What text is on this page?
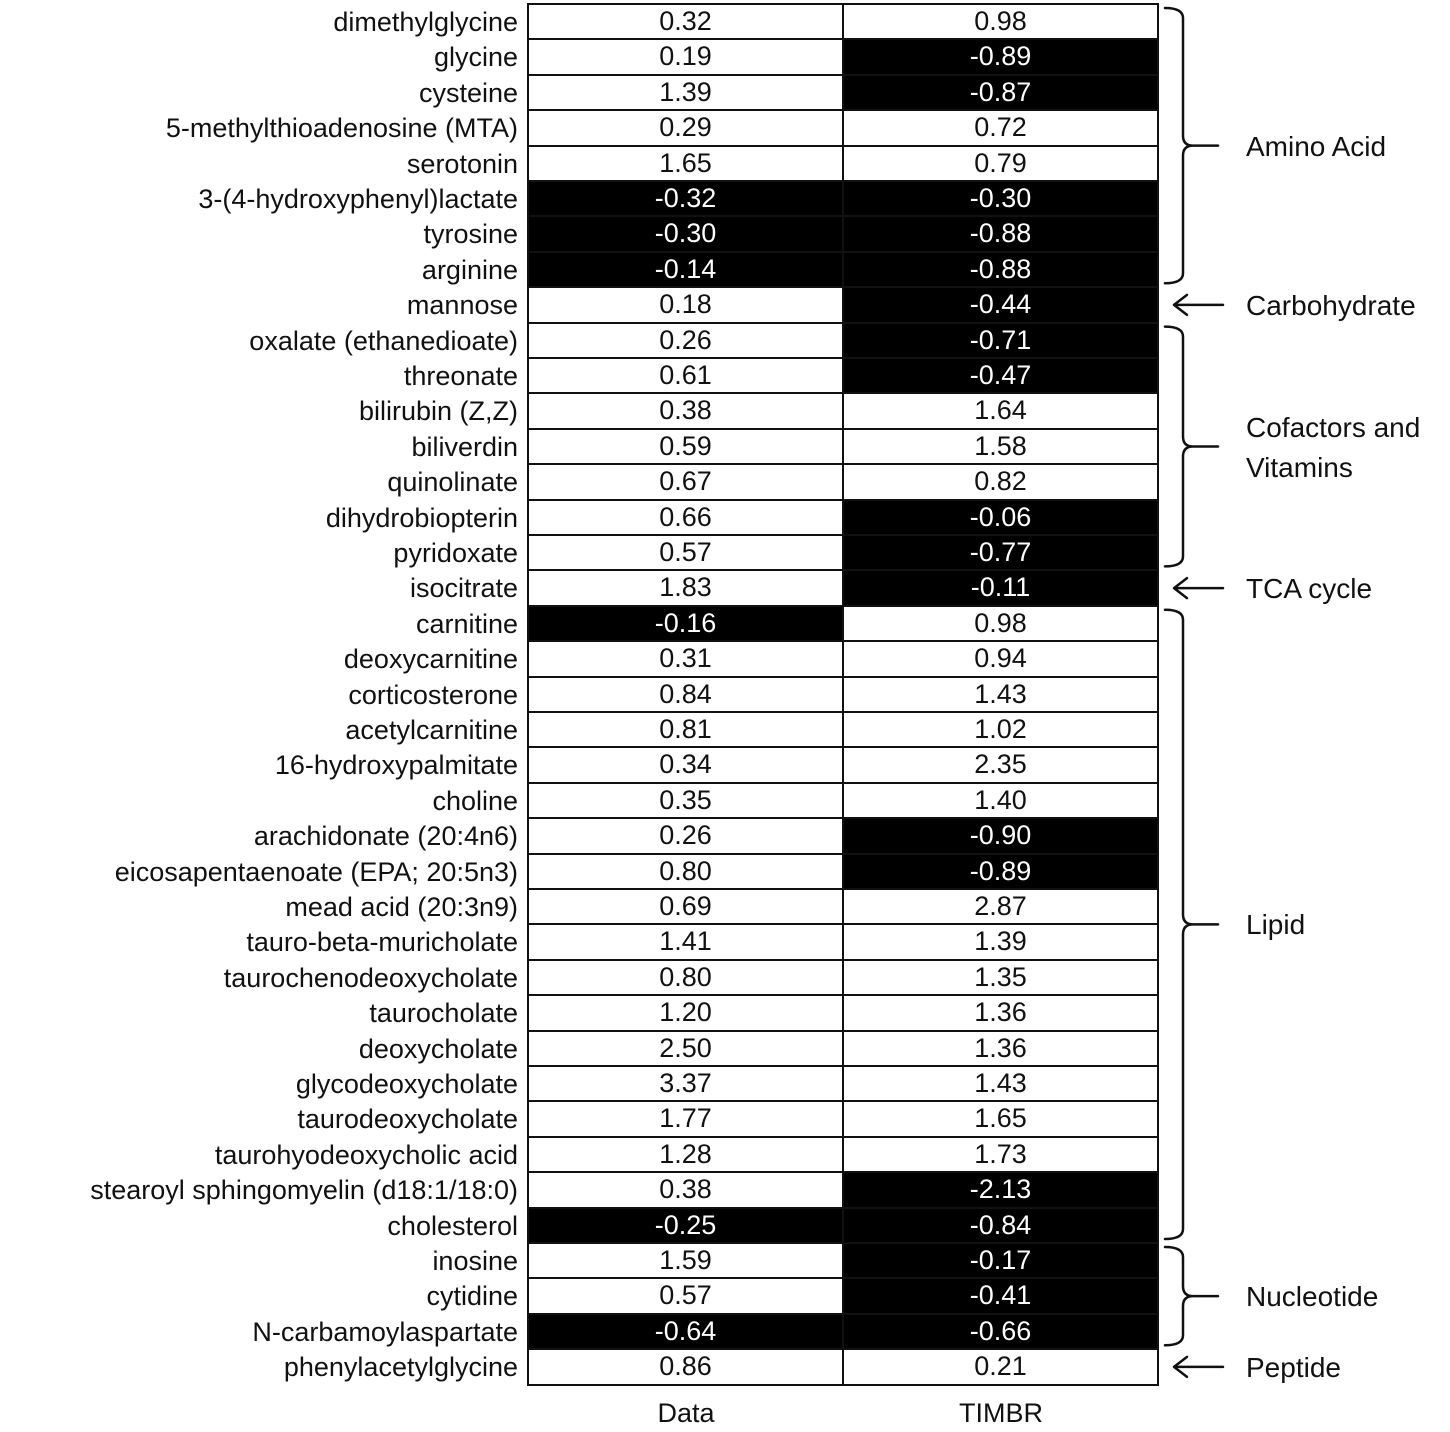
Data	TIMBR
dimethylglycine	0.32	0.98
glycine	0.19	-0.89
cysteine	1.39	-0.87
5-methylthioadenosine (MTA)	0.29	0.72
serotonin	1.65	0.79
3-(4-hydroxyphenyl)lactate	-0.32	-0.30
tyrosine	-0.30	-0.88
arginine	-0.14	-0.88
mannose	0.18	-0.44
oxalate (ethanedioate)	0.26	-0.71
threonate	0.61	-0.47
bilirubin (Z,Z)	0.38	1.64
biliverdin	0.59	1.58
quinolinate	0.67	0.82
dihydrobiopterin	0.66	-0.06
pyridoxate	0.57	-0.77
isocitrate	1.83	-0.11
carnitine	-0.16	0.98
deoxycarnitine	0.31	0.94
corticosterone	0.84	1.43
acetylcarnitine	0.81	1.02
16-hydroxypalmitate	0.34	2.35
choline	0.35	1.40
arachidonate (20:4n6)	0.26	-0.90
eicosapentaenoate (EPA; 20:5n3)	0.80	-0.89
mead acid (20:3n9)	0.69	2.87
tauro-beta-muricholate	1.41	1.39
taurochenodeoxycholate	0.80	1.35
taurocholate	1.20	1.36
deoxycholate	2.50	1.36
glycodeoxycholate	3.37	1.43
taurodeoxycholate	1.77	1.65
taurohyodeoxycholic acid	1.28	1.73
stearoyl sphingomyelin (d18:1/18:0)	0.38	-2.13
cholesterol	-0.25	-0.84
inosine	1.59	-0.17
cytidine	0.57	-0.41
N-carbamoylaspartate	-0.64	-0.66
phenylacetylglycine	0.86	0.21
Amino Acid
Carbohydrate
Cofactors and
Vitamins
TCA cycle
Lipid
Nucleotide
Peptide
